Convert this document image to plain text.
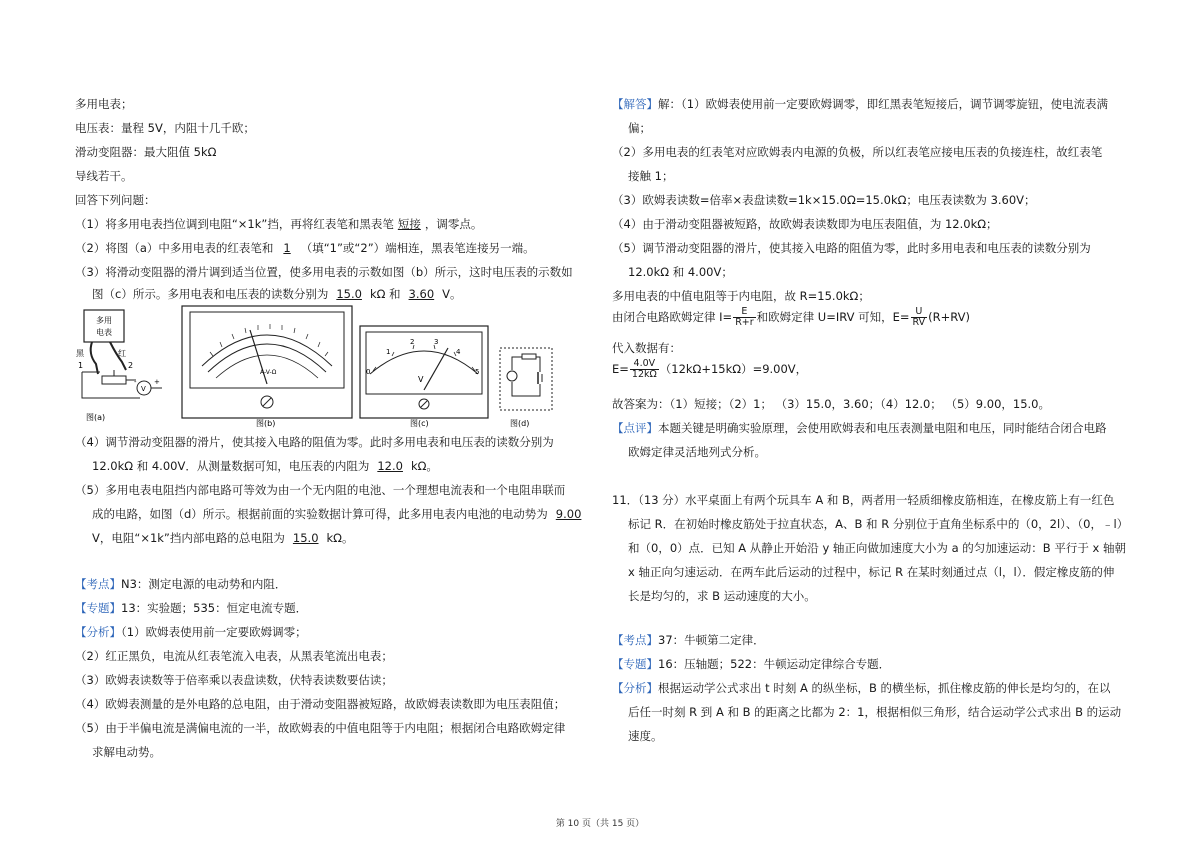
多用电表；
电压表：量程 5V，内阻十几千欧；
滑动变阻器：最大阻值 5kΩ
导线若干。
回答下列问题：
（1）将多用电表挡位调到电阻“×1k”挡，再将红表笔和黑表笔 短接 ，调零点。
（2）将图（a）中多用电表的红表笔和 1 （填“1”或“2”）端相连，黑表笔连接另一端。
（3）将滑动变阻器的滑片调到适当位置，使多用电表的示数如图（b）所示，这时电压表的示数如
图（c）所示。多用电表和电压表的读数分别为 15.0 kΩ 和 3.60 V。
多用
电表
黑	红
1	2
V
+
-
图(a)
A-V-Ω
图(b)
0
1
2	3
4
5
V
图(c)	图(d)
（4）调节滑动变阻器的滑片，使其接入电路的阻值为零。此时多用电表和电压表的读数分别为
12.0kΩ 和 4.00V．从测量数据可知，电压表的内阻为 12.0 kΩ。
（5）多用电表电阻挡内部电路可等效为由一个无内阻的电池、一个理想电流表和一个电阻串联而
成的电路，如图（d）所示。根据前面的实验数据计算可得，此多用电表内电池的电动势为 9.00
V，电阻“×1k”挡内部电路的总电阻为 15.0 kΩ。
【考点】N3：测定电源的电动势和内阻．
【专题】13：实验题；535：恒定电流专题．
【分析】（1）欧姆表使用前一定要欧姆调零；
（2）红正黑负，电流从红表笔流入电表，从黑表笔流出电表；
（3）欧姆表读数等于倍率乘以表盘读数，伏特表读数要估读；
（4）欧姆表测量的是外电路的总电阻，由于滑动变阻器被短路，故欧姆表读数即为电压表阻值；
（5）由于半偏电流是满偏电流的一半，故欧姆表的中值电阻等于内电阻；根据闭合电路欧姆定律
求解电动势。
【解答】解：（1）欧姆表使用前一定要欧姆调零，即红黑表笔短接后，调节调零旋钮，使电流表满
偏；
（2）多用电表的红表笔对应欧姆表内电源的负极，所以红表笔应接电压表的负接连柱，故红表笔
接触 1；
（3）欧姆表读数=倍率×表盘读数=1k×15.0Ω=15.0kΩ；电压表读数为 3.60V；
（4）由于滑动变阻器被短路，故欧姆表读数即为电压表阻值，为 12.0kΩ；
（5）调节滑动变阻器的滑片，使其接入电路的阻值为零，此时多用电表和电压表的读数分别为
12.0kΩ 和 4.00V；
多用电表的中值电阻等于内电阻，故 R=15.0kΩ；
由闭合电路欧姆定律 $I= \frac{E}{R+r}$ 和欧姆定律 U=IRV 可知，$E= \frac{U}{RV} (R+RV)$
代入数据有：
$E= \frac{4.0V}{12k\Omega} (12k\Omega+15k\Omega)=9.00V$，
故答案为：（1）短接；（2）1； （3）15.0，3.60；（4）12.0； （5）9.00，15.0。
【点评】本题关键是明确实验原理，会使用欧姆表和电压表测量电阻和电压，同时能结合闭合电路
欧姆定律灵活地列式分析。
11．（13 分）水平桌面上有两个玩具车 A 和 B，两者用一轻质细橡皮筋相连，在橡皮筋上有一红色
标记 R．在初始时橡皮筋处于拉直状态，A、B 和 R 分别位于直角坐标系中的（0，2l）、（0，﹣l）
和（0，0）点．已知 A 从静止开始沿 y 轴正向做加速度大小为 a 的匀加速运动：B 平行于 x 轴朝
x 轴正向匀速运动．在两车此后运动的过程中，标记 R 在某时刻通过点（l，l）．假定橡皮筋的伸
长是均匀的，求 B 运动速度的大小。
【考点】37：牛顿第二定律．
【专题】16：压轴题；522：牛顿运动定律综合专题．
【分析】根据运动学公式求出 t 时刻 A 的纵坐标，B 的横坐标，抓住橡皮筋的伸长是均匀的，在以
后任一时刻 R 到 A 和 B 的距离之比都为 2：1，根据相似三角形，结合运动学公式求出 B 的运动
速度。
第 10 页（共 15 页）
